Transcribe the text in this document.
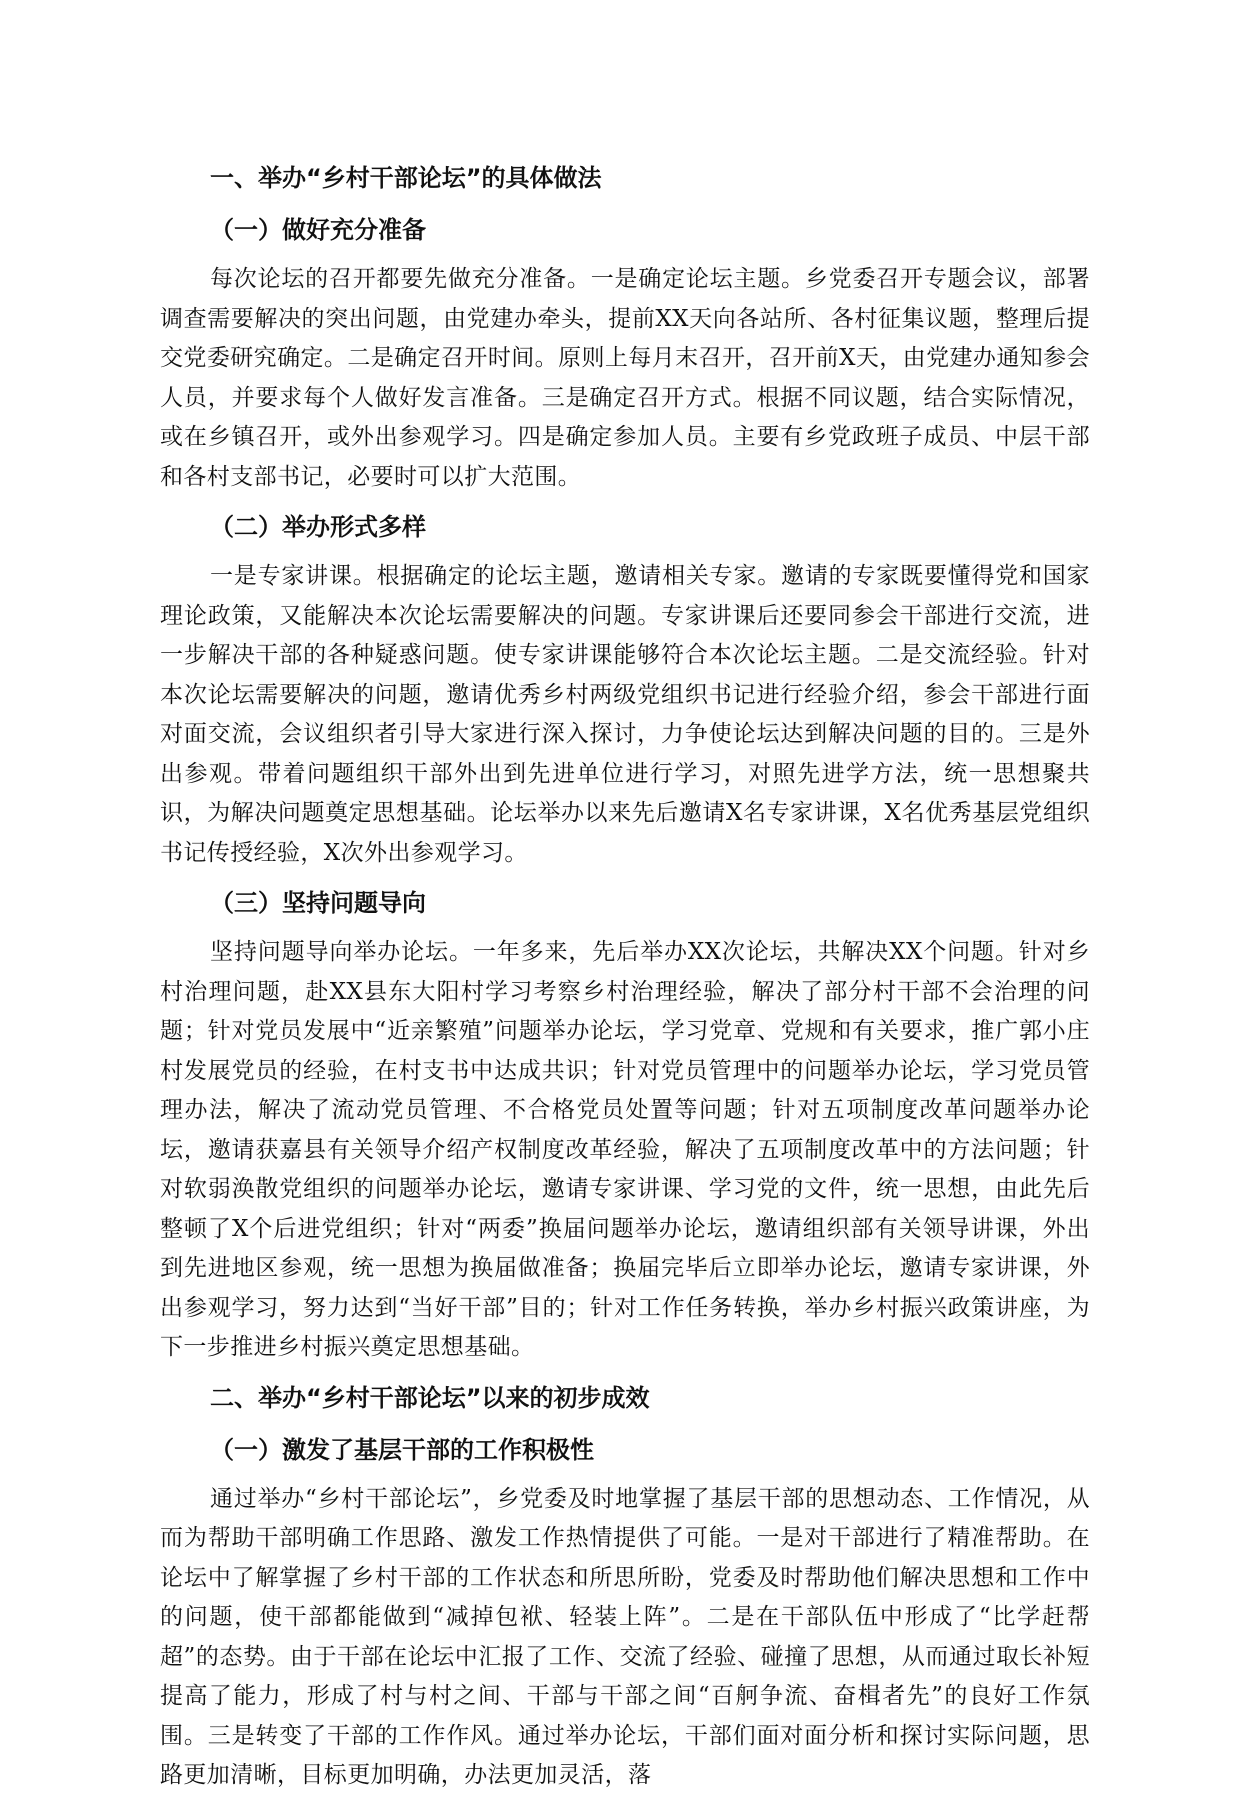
一、举办“乡村干部论坛”的具体做法
（一）做好充分准备

每次论坛的召开都要先做充分准备。一是确定论坛主题。乡党委召开专题会议，部署调查需要解决的突出问题，由党建办牵头，提前XX天向各站所、各村征集议题，整理后提交党委研究确定。二是确定召开时间。原则上每月末召开，召开前X天，由党建办通知参会人员，并要求每个人做好发言准备。三是确定召开方式。根据不同议题，结合实际情况，或在乡镇召开，或外出参观学习。四是确定参加人员。主要有乡党政班子成员、中层干部和各村支部书记，必要时可以扩大范围。

（二）举办形式多样

一是专家讲课。根据确定的论坛主题，邀请相关专家。邀请的专家既要懂得党和国家理论政策，又能解决本次论坛需要解决的问题。专家讲课后还要同参会干部进行交流，进一步解决干部的各种疑惑问题。使专家讲课能够符合本次论坛主题。二是交流经验。针对本次论坛需要解决的问题，邀请优秀乡村两级党组织书记进行经验介绍，参会干部进行面对面交流，会议组织者引导大家进行深入探讨，力争使论坛达到解决问题的目的。三是外出参观。带着问题组织干部外出到先进单位进行学习，对照先进学方法，统一思想聚共识，为解决问题奠定思想基础。论坛举办以来先后邀请X名专家讲课，X名优秀基层党组织书记传授经验，X次外出参观学习。

（三）坚持问题导向

坚持问题导向举办论坛。一年多来，先后举办XX次论坛，共解决XX个问题。针对乡村治理问题，赴XX县东大阳村学习考察乡村治理经验，解决了部分村干部不会治理的问题；针对党员发展中“近亲繁殖”问题举办论坛，学习党章、党规和有关要求，推广郭小庄村发展党员的经验，在村支书中达成共识；针对党员管理中的问题举办论坛，学习党员管理办法，解决了流动党员管理、不合格党员处置等问题；针对五项制度改革问题举办论坛，邀请获嘉县有关领导介绍产权制度改革经验，解决了五项制度改革中的方法问题；针对软弱涣散党组织的问题举办论坛，邀请专家讲课、学习党的文件，统一思想，由此先后整顿了X个后进党组织；针对“两委”换届问题举办论坛，邀请组织部有关领导讲课，外出到先进地区参观，统一思想为换届做准备；换届完毕后立即举办论坛，邀请专家讲课，外出参观学习，努力达到“当好干部”目的；针对工作任务转换，举办乡村振兴政策讲座，为下一步推进乡村振兴奠定思想基础。

二、举办“乡村干部论坛”以来的初步成效
（一）激发了基层干部的工作积极性

通过举办“乡村干部论坛”，乡党委及时地掌握了基层干部的思想动态、工作情况，从而为帮助干部明确工作思路、激发工作热情提供了可能。一是对干部进行了精准帮助。在论坛中了解掌握了乡村干部的工作状态和所思所盼，党委及时帮助他们解决思想和工作中的问题，使干部都能做到“减掉包袱、轻装上阵”。二是在干部队伍中形成了“比学赶帮超”的态势。由于干部在论坛中汇报了工作、交流了经验、碰撞了思想，从而通过取长补短提高了能力，形成了村与村之间、干部与干部之间“百舸争流、奋楫者先”的良好工作氛围。三是转变了干部的工作作风。通过举办论坛，干部们面对面分析和探讨实际问题，思路更加清晰，目标更加明确，办法更加灵活，落
